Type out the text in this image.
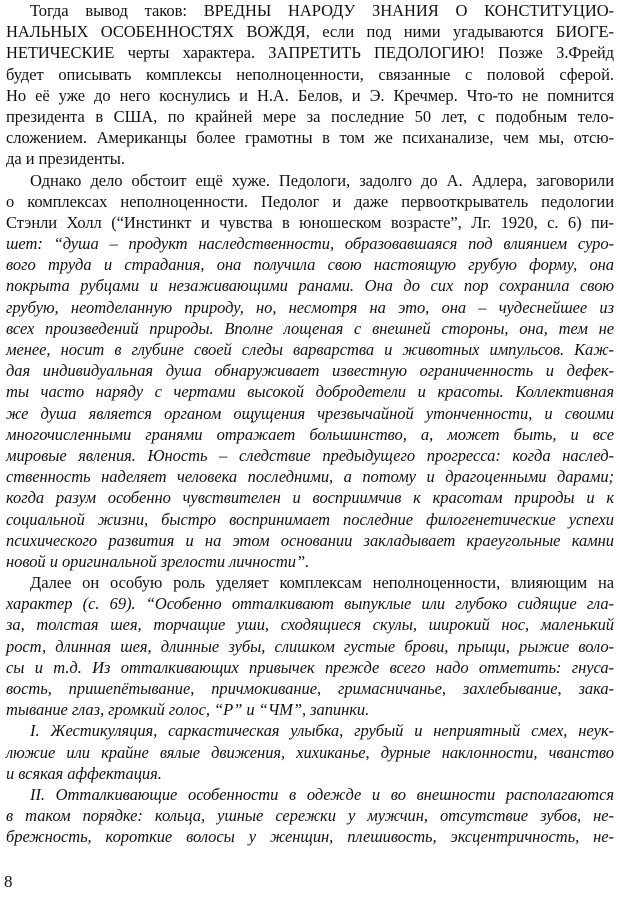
Тогда вывод таков: ВРЕДНЫ НАРОДУ ЗНАНИЯ О КОНСТИТУЦИО-
НАЛЬНЫХ ОСОБЕННОСТЯХ ВОЖДЯ, если под ними угадываются БИОГЕ-
НЕТИЧЕСКИЕ черты характера. ЗАПРЕТИТЬ ПЕДОЛОГИЮ! Позже З.Фрейд
будет описывать комплексы неполноценности, связанные с половой сферой.
Но её уже до него коснулись и Н.А. Белов, и Э. Кречмер. Что-то не помнится
президента в США, по крайней мере за последние 50 лет, с подобным тело-
сложением. Американцы более грамотны в том же психанализе, чем мы, отсю-
да и президенты.
Однако дело обстоит ещё хуже. Педологи, задолго до А. Адлера, заговорили
о комплексах неполноценности. Педолог и даже первооткрыватель педологии
Стэнли Холл (“Инстинкт и чувства в юношеском возрасте”, Лг. 1920, с. 6) пи-
шет: “душа – продукт наследственности, образовавшаяся под влиянием суро-
вого труда и страдания, она получила свою настоящую грубую форму, она
покрыта рубцами и незаживающими ранами. Она до сих пор сохранила свою
грубую, неотделанную природу, но, несмотря на это, она – чудеснейшее из
всех произведений природы. Вполне лощеная с внешней стороны, она, тем не
менее, носит в глубине своей следы варварства и животных импульсов. Каж-
дая индивидуальная душа обнаруживает известную ограниченность и дефек-
ты часто наряду с чертами высокой добродетели и красоты. Коллективная
же душа является органом ощущения чрезвычайной утонченности, и своими
многочисленными гранями отражает большинство, а, может быть, и все
мировые явления. Юность – следствие предыдущего прогресса: когда наслед-
ственность наделяет человека последними, а потому и драгоценными дарами;
когда разум особенно чувствителен и восприимчив к красотам природы и к
социальной жизни, быстро воспринимает последние филогенетические успехи
психического развития и на этом основании закладывает краеугольные камни
новой и оригинальной зрелости личности”.
Далее он особую роль уделяет комплексам неполноценности, влияющим на
характер (с. 69). “Особенно отталкивают выпуклые или глубоко сидящие гла-
за, толстая шея, торчащие уши, сходящиеся скулы, широкий нос, маленький
рост, длинная шея, длинные зубы, слишком густые брови, прыщи, рыжие воло-
сы и т.д. Из отталкивающих привычек прежде всего надо отметить: гнуса-
вость, пришепётывание, причмокивание, гримасничанье, захлебывание, зака-
тывание глаз, громкий голос, “Р” и “ЧМ”, запинки.
I. Жестикуляция, саркастическая улыбка, грубый и неприятный смех, неук-
люжие или крайне вялые движения, хихиканье, дурные наклонности, чванство
и всякая аффектация.
II. Отталкивающие особенности в одежде и во внешности располагаются
в таком порядке: кольца, ушные сережки у мужчин, отсутствие зубов, не-
брежность, короткие волосы у женщин, плешивость, эксцентричность, не-
8
